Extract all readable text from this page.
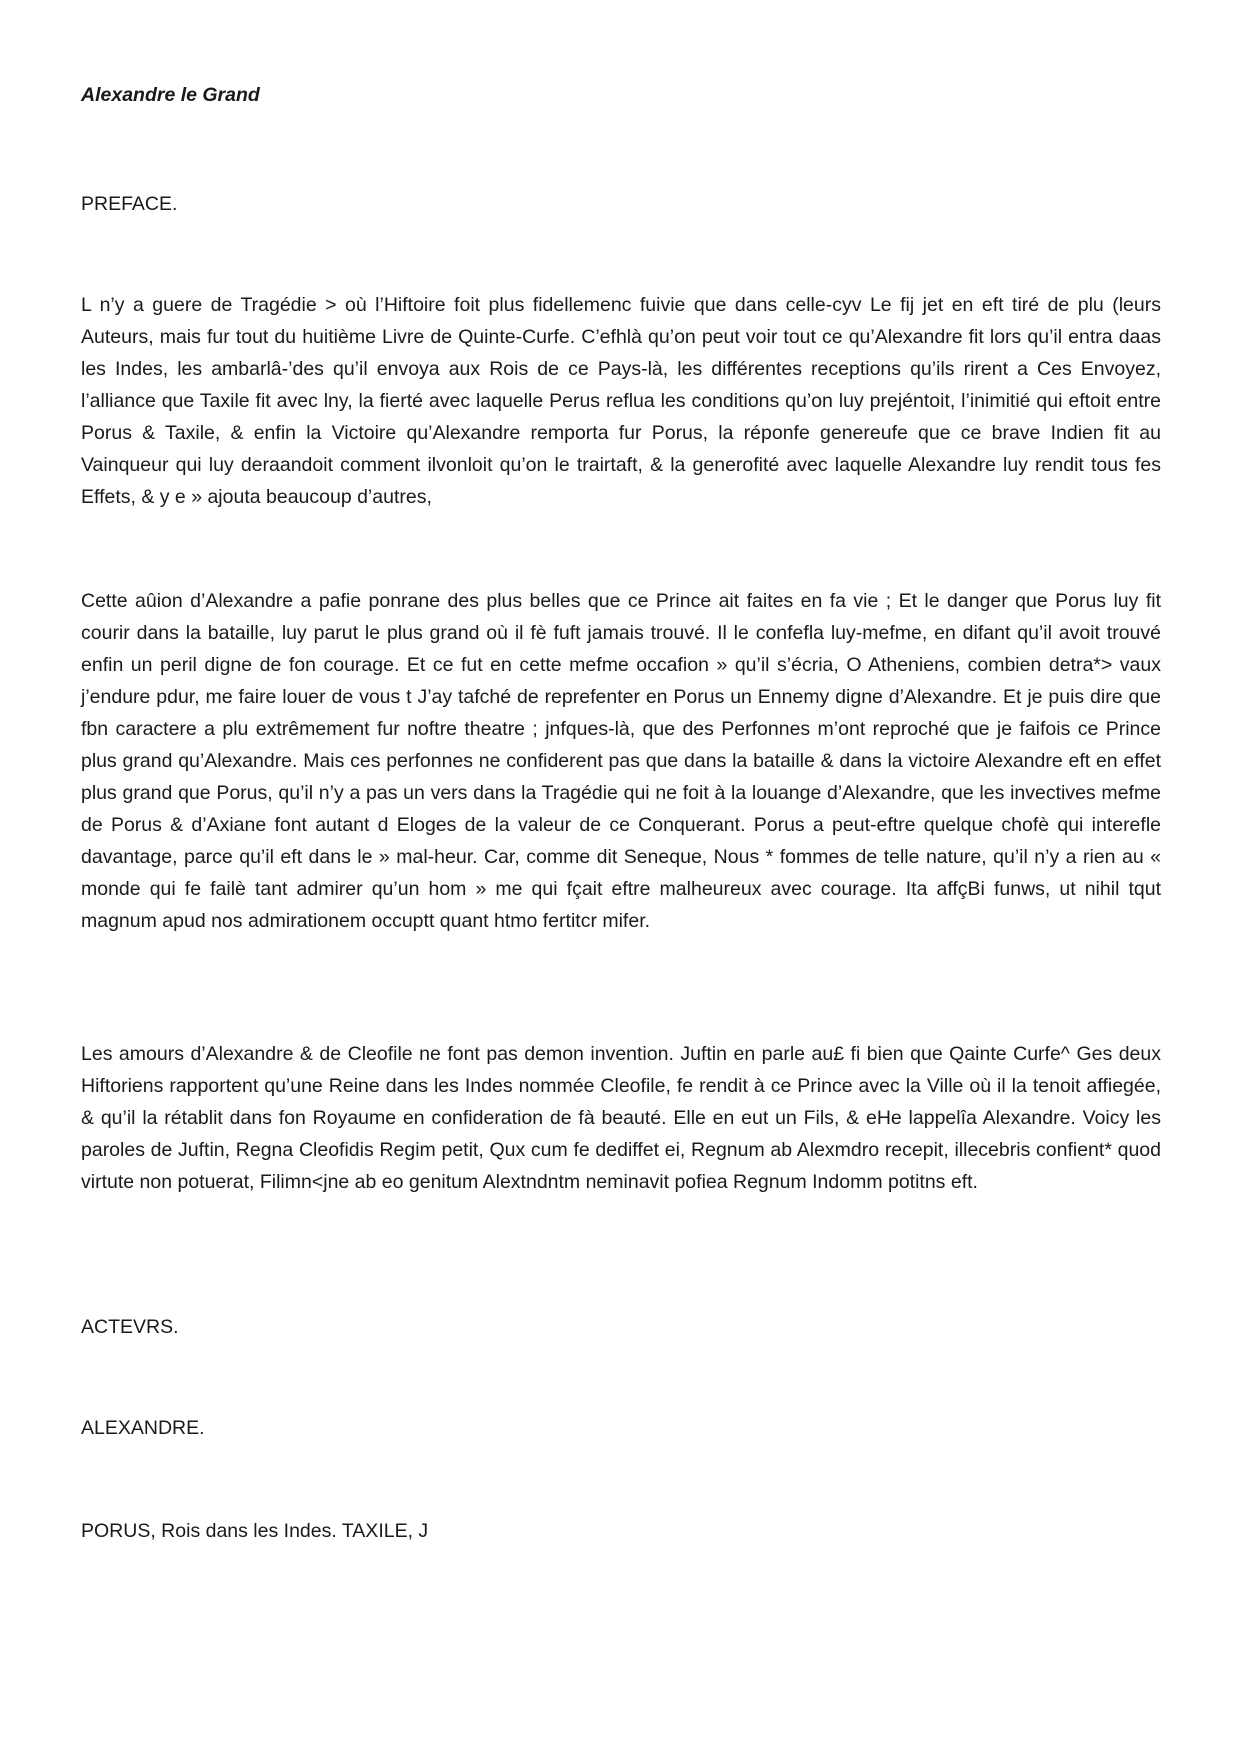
Alexandre le Grand

PREFACE.

L n’y a guere de Tragédie > où l’Hiftoire foit plus fidellemenc fuivie que dans celle-cyv Le fij jet en eft tiré de plu (leurs Auteurs, mais fur tout du huitième Livre de Quinte-Curfe. C’efhlà qu’on peut voir tout ce qu’Alexandre fit lors qu’il entra daas les Indes, les ambarlâ-’des qu’il envoya aux Rois de ce Pays-là, les différentes receptions qu’ils rirent a Ces Envoyez, l’alliance que Taxile fit avec lny, la fierté avec laquelle Perus reflua les conditions qu’on luy prejéntoit, l’inimitié qui eftoit entre Porus & Taxile, & enfin la Victoire qu’Alexandre remporta fur Porus, la réponfe genereufe que ce brave Indien fit au Vainqueur qui luy deraandoit comment ilvonloit qu’on le trairtaft, & la generofité avec laquelle Alexandre luy rendit tous fes Effets, & y e » ajouta beaucoup d’autres,

Cette aûion d’Alexandre a pafie ponrane des plus belles que ce Prince ait faites en fa vie ; Et le danger que Porus luy fit courir dans la bataille, luy parut le plus grand où il fè fuft jamais trouvé. Il le confefla luy-mefme, en difant qu’il avoit trouvé enfin un peril digne de fon courage. Et ce fut en cette mefme occafion » qu’il s’écria, O Atheniens, combien detra*> vaux j’endure pdur, me faire louer de vous t J’ay tafché de reprefenter en Porus un Ennemy digne d’Alexandre. Et je puis dire que fbn caractere a plu extrêmement fur noftre theatre ; jnfques-là, que des Perfonnes m’ont reproché que je faifois ce Prince plus grand qu’Alexandre. Mais ces perfonnes ne confiderent pas que dans la bataille & dans la victoire Alexandre eft en effet plus grand que Porus, qu’il n’y a pas un vers dans la Tragédie qui ne foit à la louange d’Alexandre, que les invectives mefme de Porus & d’Axiane font autant d Eloges de la valeur de ce Conquerant. Porus a peut-eftre quelque chofè qui interefle davantage, parce qu’il eft dans le » mal-heur. Car, comme dit Seneque, Nous * fommes de telle nature, qu’il n’y a rien au « monde qui fe failè tant admirer qu’un hom » me qui fçait eftre malheureux avec courage. Ita affçBi funws, ut nihil tqut magnum apud nos admirationem occuptt quant htmo fertitcr mifer.

Les amours d’Alexandre & de Cleofile ne font pas demon invention. Juftin en parle au£ fi bien que Qainte Curfe^ Ges deux Hiftoriens rapportent qu’une Reine dans les Indes nommée Cleofile, fe rendit à ce Prince avec la Ville où il la tenoit affiegée, & qu’il la rétablit dans fon Royaume en confideration de fà beauté. Elle en eut un Fils, & eHe lappelîa Alexandre. Voicy les paroles de Juftin, Regna Cleofidis Regim petit, Qux cum fe dediffet ei, Regnum ab Alexmdro recepit, illecebris confient* quod virtute non potuerat, Filimn<jne ab eo genitum Alextndntm neminavit pofiea Regnum Indomm potitns eft.

ACTEVRS.

ALEXANDRE.

PORUS, Rois dans les Indes. TAXILE, J
